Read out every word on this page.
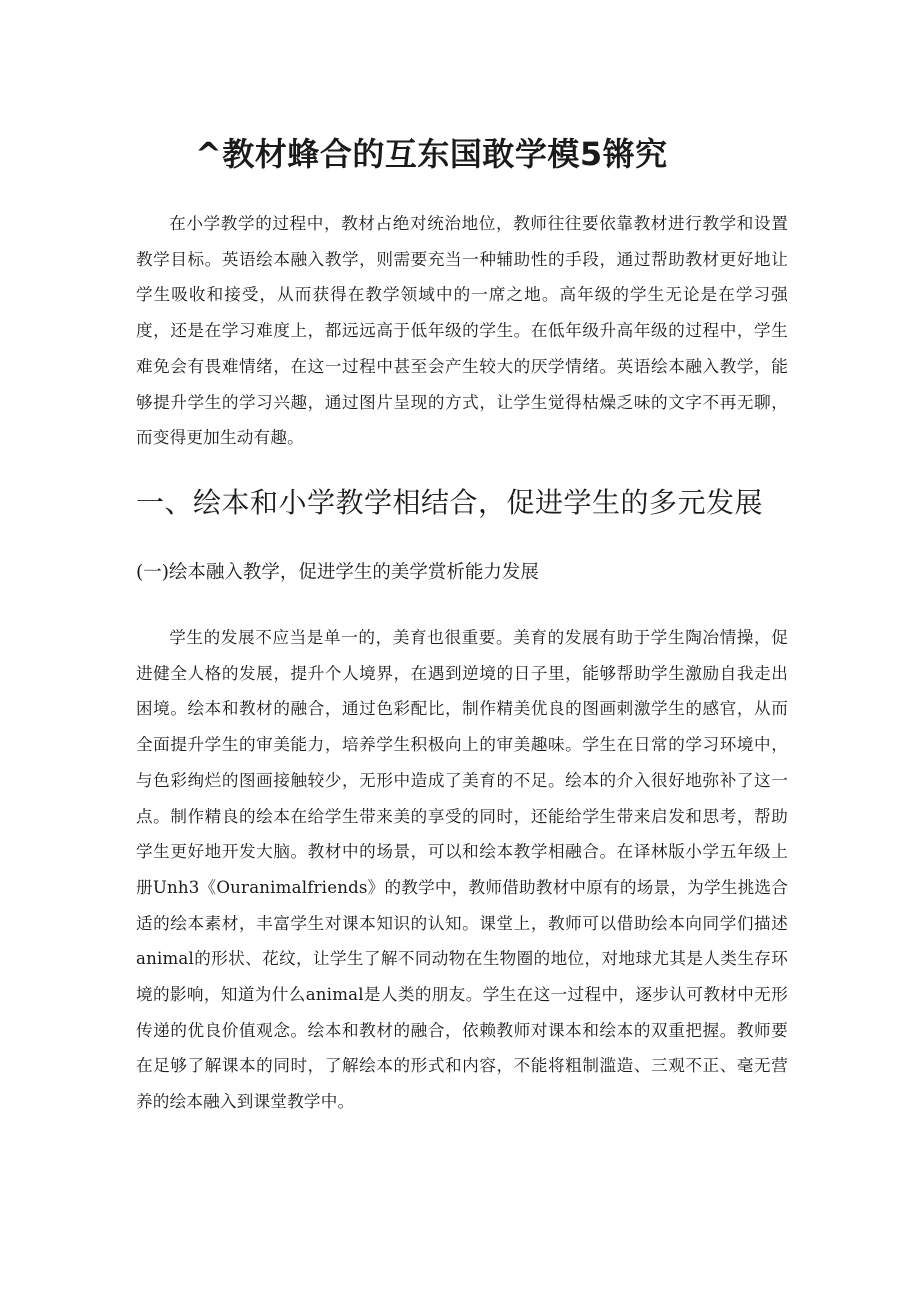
^教材蜂合的互东国敢学模5锵究

在小学教学的过程中，教材占绝对统治地位，教师往往要依靠教材进行教学和设置教学目标。英语绘本融入教学，则需要充当一种辅助性的手段，通过帮助教材更好地让学生吸收和接受，从而获得在教学领域中的一席之地。高年级的学生无论是在学习强度，还是在学习难度上，都远远高于低年级的学生。在低年级升高年级的过程中，学生难免会有畏难情绪，在这一过程中甚至会产生较大的厌学情绪。英语绘本融入教学，能够提升学生的学习兴趣，通过图片呈现的方式，让学生觉得枯燥乏味的文字不再无聊，而变得更加生动有趣。

一、绘本和小学教学相结合，促进学生的多元发展
(一)绘本融入教学，促进学生的美学赏析能力发展

学生的发展不应当是单一的，美育也很重要。美育的发展有助于学生陶冶情操，促进健全人格的发展，提升个人境界，在遇到逆境的日子里，能够帮助学生激励自我走出困境。绘本和教材的融合，通过色彩配比，制作精美优良的图画刺激学生的感官，从而全面提升学生的审美能力，培养学生积极向上的审美趣味。学生在日常的学习环境中，与色彩绚烂的图画接触较少，无形中造成了美育的不足。绘本的介入很好地弥补了这一点。制作精良的绘本在给学生带来美的享受的同时，还能给学生带来启发和思考，帮助学生更好地开发大脑。教材中的场景，可以和绘本教学相融合。在译林版小学五年级上册Unh3《Ouranimalfriends》的教学中，教师借助教材中原有的场景，为学生挑选合适的绘本素材，丰富学生对课本知识的认知。课堂上，教师可以借助绘本向同学们描述animal的形状、花纹，让学生了解不同动物在生物圈的地位，对地球尤其是人类生存环境的影响，知道为什么animal是人类的朋友。学生在这一过程中，逐步认可教材中无形传递的优良价值观念。绘本和教材的融合，依赖教师对课本和绘本的双重把握。教师要在足够了解课本的同时，了解绘本的形式和内容，不能将粗制滥造、三观不正、毫无营养的绘本融入到课堂教学中。
